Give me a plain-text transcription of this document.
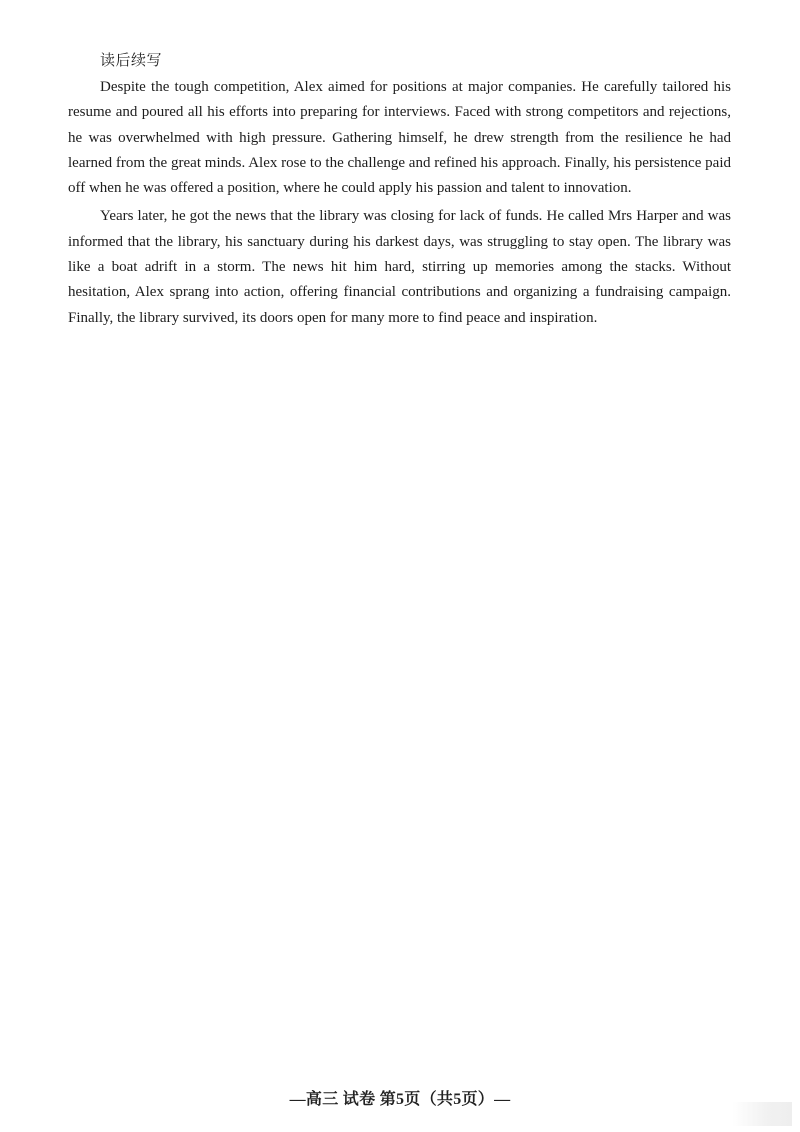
读后续写

Despite the tough competition, Alex aimed for positions at major companies. He carefully tailored his resume and poured all his efforts into preparing for interviews. Faced with strong competitors and rejections, he was overwhelmed with high pressure. Gathering himself, he drew strength from the resilience he had learned from the great minds. Alex rose to the challenge and refined his approach. Finally, his persistence paid off when he was offered a position, where he could apply his passion and talent to innovation.

Years later, he got the news that the library was closing for lack of funds. He called Mrs Harper and was informed that the library, his sanctuary during his darkest days, was struggling to stay open. The library was like a boat adrift in a storm. The news hit him hard, stirring up memories among the stacks. Without hesitation, Alex sprang into action, offering financial contributions and organizing a fundraising campaign. Finally, the library survived, its doors open for many more to find peace and inspiration.

—高三 试卷 第5页（共5页）—
